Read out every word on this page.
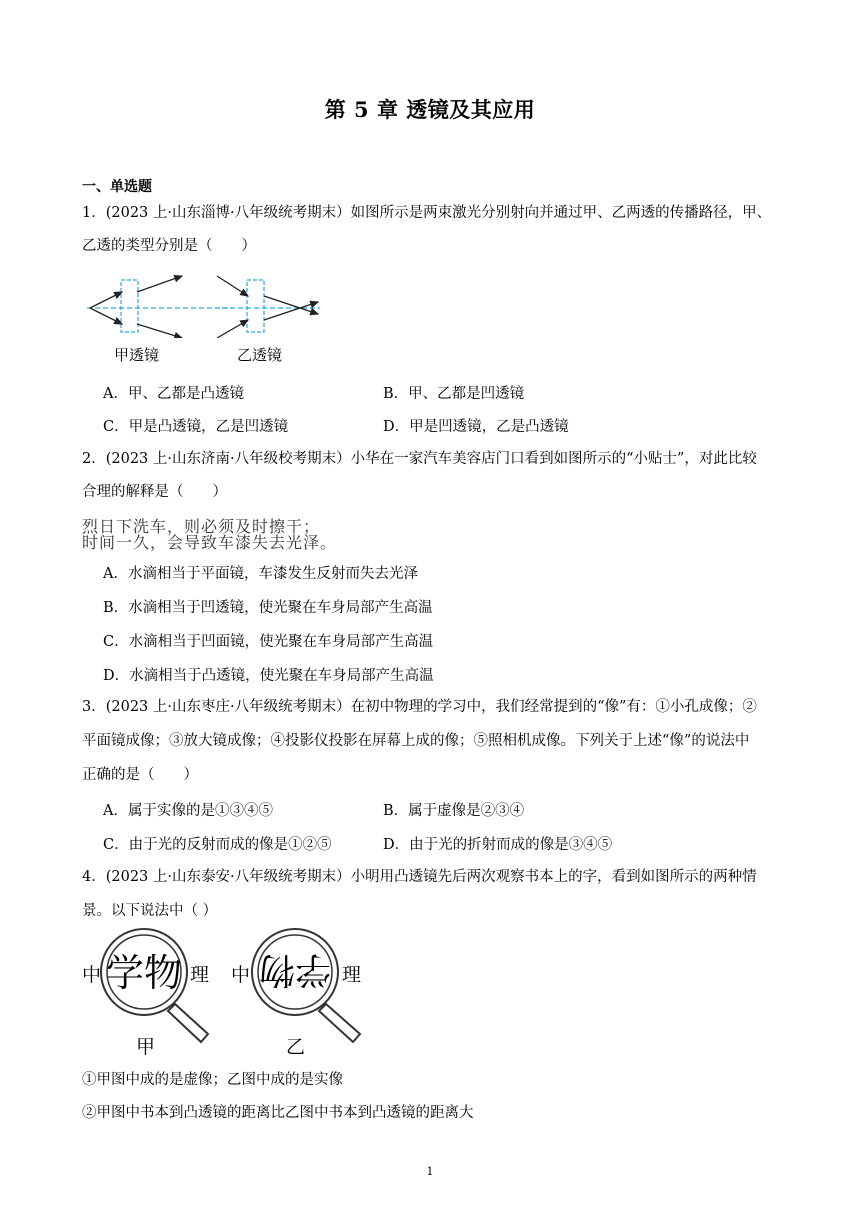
第 5 章 透镜及其应用
一、单选题
1．(2023 上·山东淄博·八年级统考期末）如图所示是两束激光分别射向并通过甲、乙两透的传播路径，甲、
乙透的类型分别是（　　）
甲透镜	乙透镜
A．甲、乙都是凸透镜	B．甲、乙都是凹透镜
C．甲是凸透镜，乙是凹透镜	D．甲是凹透镜，乙是凸透镜
2．(2023 上·山东济南·八年级校考期末）小华在一家汽车美容店门口看到如图所示的“小贴士”，对此比较
合理的解释是（　　）
烈日下洗车，则必须及时擦干；
时间一久，会导致车漆失去光泽。
A．水滴相当于平面镜，车漆发生反射而失去光泽
B．水滴相当于凹透镜，使光聚在车身局部产生高温
C．水滴相当于凹面镜，使光聚在车身局部产生高温
D．水滴相当于凸透镜，使光聚在车身局部产生高温
3．(2023 上·山东枣庄·八年级统考期末）在初中物理的学习中，我们经常提到的“像”有：①小孔成像；②
平面镜成像；③放大镜成像；④投影仪投影在屏幕上成的像；⑤照相机成像。下列关于上述“像”的说法中
正确的是（　　）
A．属于实像的是①③④⑤	B．属于虚像是②③④
C．由于光的反射而成的像是①②⑤	D．由于光的折射而成的像是③④⑤
4．(2023 上·山东泰安·八年级统考期末）小明用凸透镜先后两次观察书本上的字，看到如图所示的两种情
景。以下说法中（ ）
中 学物 理
甲
中 学物 理
乙
①甲图中成的是虚像；乙图中成的是实像
②甲图中书本到凸透镜的距离比乙图中书本到凸透镜的距离大
1
